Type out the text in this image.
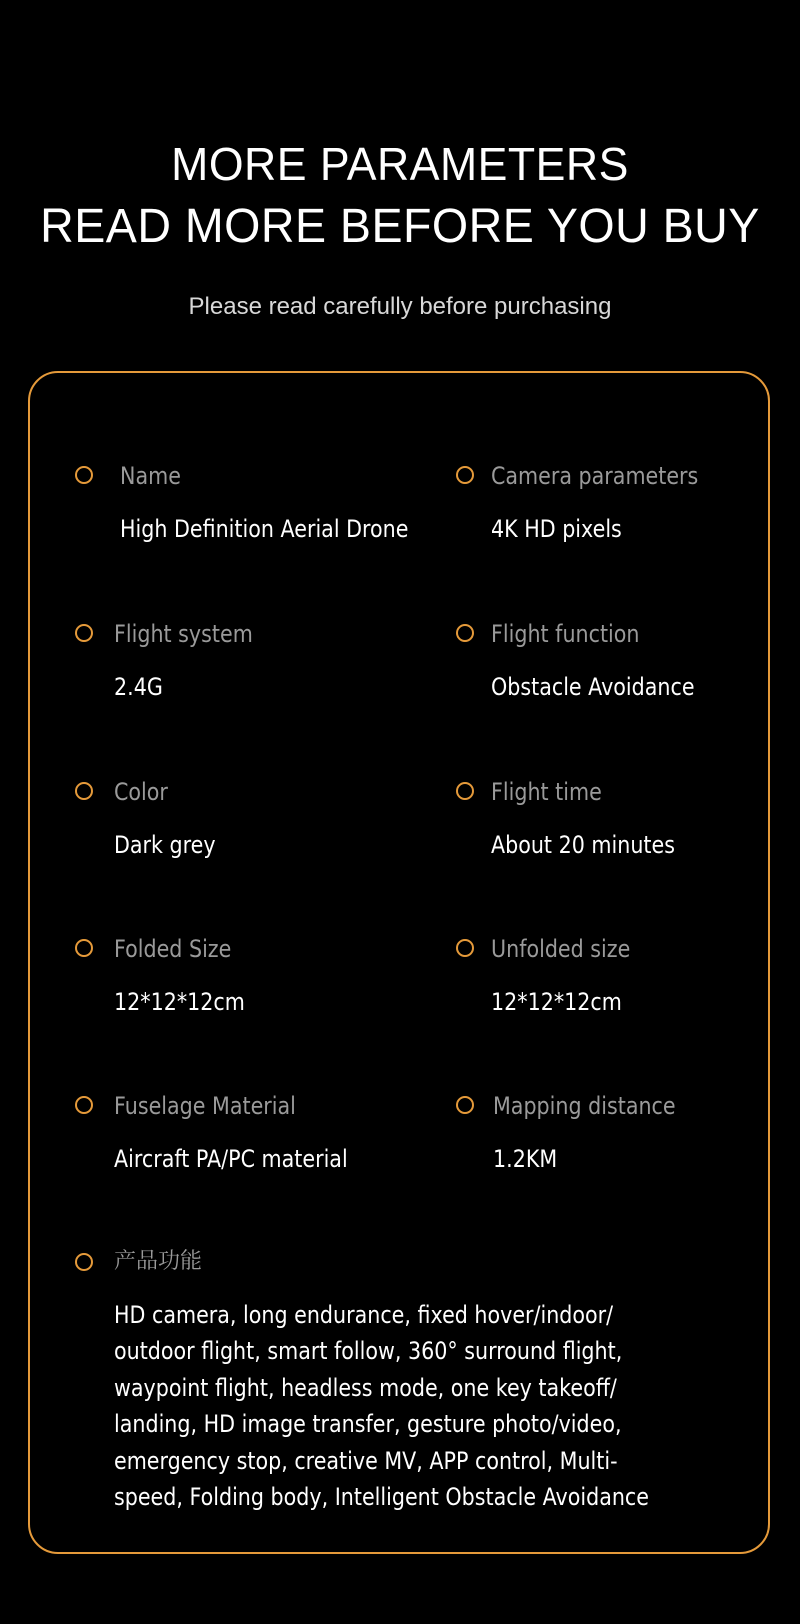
MORE PARAMETERS
READ MORE BEFORE YOU BUY
Please read carefully before purchasing
Name
High Definition Aerial Drone
Camera parameters
4K HD pixels
Flight system
2.4G
Flight function
Obstacle Avoidance
Color
Dark grey
Flight time
About 20 minutes
Folded Size
12*12*12cm
Unfolded size
12*12*12cm
Fuselage Material
Aircraft PA/PC material
Mapping distance
1.2KM
产品功能
HD camera, long endurance, fixed hover/indoor/
outdoor flight, smart follow, 360° surround flight,
waypoint flight, headless mode, one key takeoff/
landing, HD image transfer, gesture photo/video,
emergency stop, creative MV, APP control, Multi-
speed, Folding body, Intelligent Obstacle Avoidance
